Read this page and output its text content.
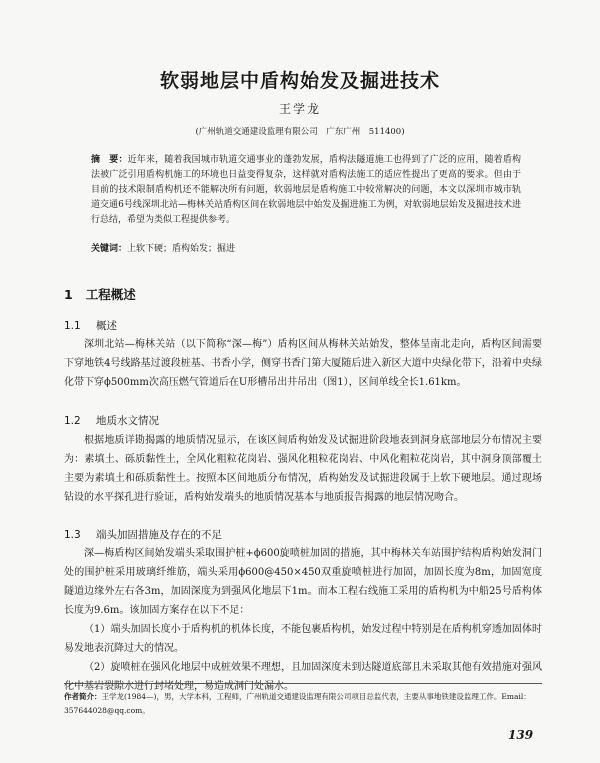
软弱地层中盾构始发及掘进技术
王学龙
(广州轨道交通建设监理有限公司　广东广州　511400)
摘　要：近年来，随着我国城市轨道交通事业的蓬勃发展，盾构法隧道施工也得到了广泛的应用，随着盾构法被广泛引用盾构机施工的环境也日益变得复杂，这样就对盾构法施工的适应性提出了更高的要求。但由于目前的技术限制盾构机还不能解决所有问题，软弱地层是盾构施工中较常解决的问题，本文以深圳市城市轨道交通6号线深圳北站—梅林关站盾构区间在软弱地层中始发及掘进施工为例，对软弱地层始发及掘进技术进行总结，希望为类似工程提供参考。
关键词：上软下硬；盾构始发；掘进
1 工程概述
1.1 概述
深圳北站—梅林关站（以下简称“深—梅”）盾构区间从梅林关站始发，整体呈南北走向，盾构区间需要下穿地铁4号线路基过渡段桩基、书香小学，侧穿书香门第大厦随后进入新区大道中央绿化带下，沿着中央绿化带下穿ϕ500mm次高压燃气管道后在U形槽吊出井吊出（图1），区间单线全长1.61km。
1.2 地质水文情况
根据地质详勘揭露的地质情况显示，在该区间盾构始发及试掘进阶段地表到洞身底部地层分布情况主要为：素填土、砾质黏性土，全风化粗粒花岗岩、强风化粗粒花岗岩、中风化粗粒花岗岩，其中洞身顶部覆土主要为素填土和砾质黏性土。按照本区间地质分布情况，盾构始发及试掘进段属于上软下硬地层。通过现场钻设的水平探孔进行验证，盾构始发端头的地质情况基本与地质报告揭露的地层情况吻合。
1.3 端头加固措施及存在的不足
深—梅盾构区间始发端头采取围护桩+ϕ600旋喷桩加固的措施，其中梅林关车站围护结构盾构始发洞门处的围护桩采用玻璃纤维筋，端头采用ϕ600@450×450双重旋喷桩进行加固，加固长度为8m，加固宽度隧道边缘外左右各3m，加固深度为到强风化地层下1m。而本工程右线施工采用的盾构机为中船25号盾构体长度为9.6m。该加固方案存在以下不足：
（1）端头加固长度小于盾构机的机体长度，不能包裹盾构机，始发过程中特别是在盾构机穿透加固体时易发地表沉降过大的情况。
（2）旋喷桩在强风化地层中成桩效果不理想，且加固深度未到达隧道底部且未采取其他有效措施对强风化中基岩裂隙水进行封堵处理，易造成洞门处漏水。
作者简介：王学龙(1984—)，男，大学本科，工程师，广州轨道交通建设监理有限公司项目总监代表，主要从事地铁建设监理工作。Email：357644028@qq.com。
139
